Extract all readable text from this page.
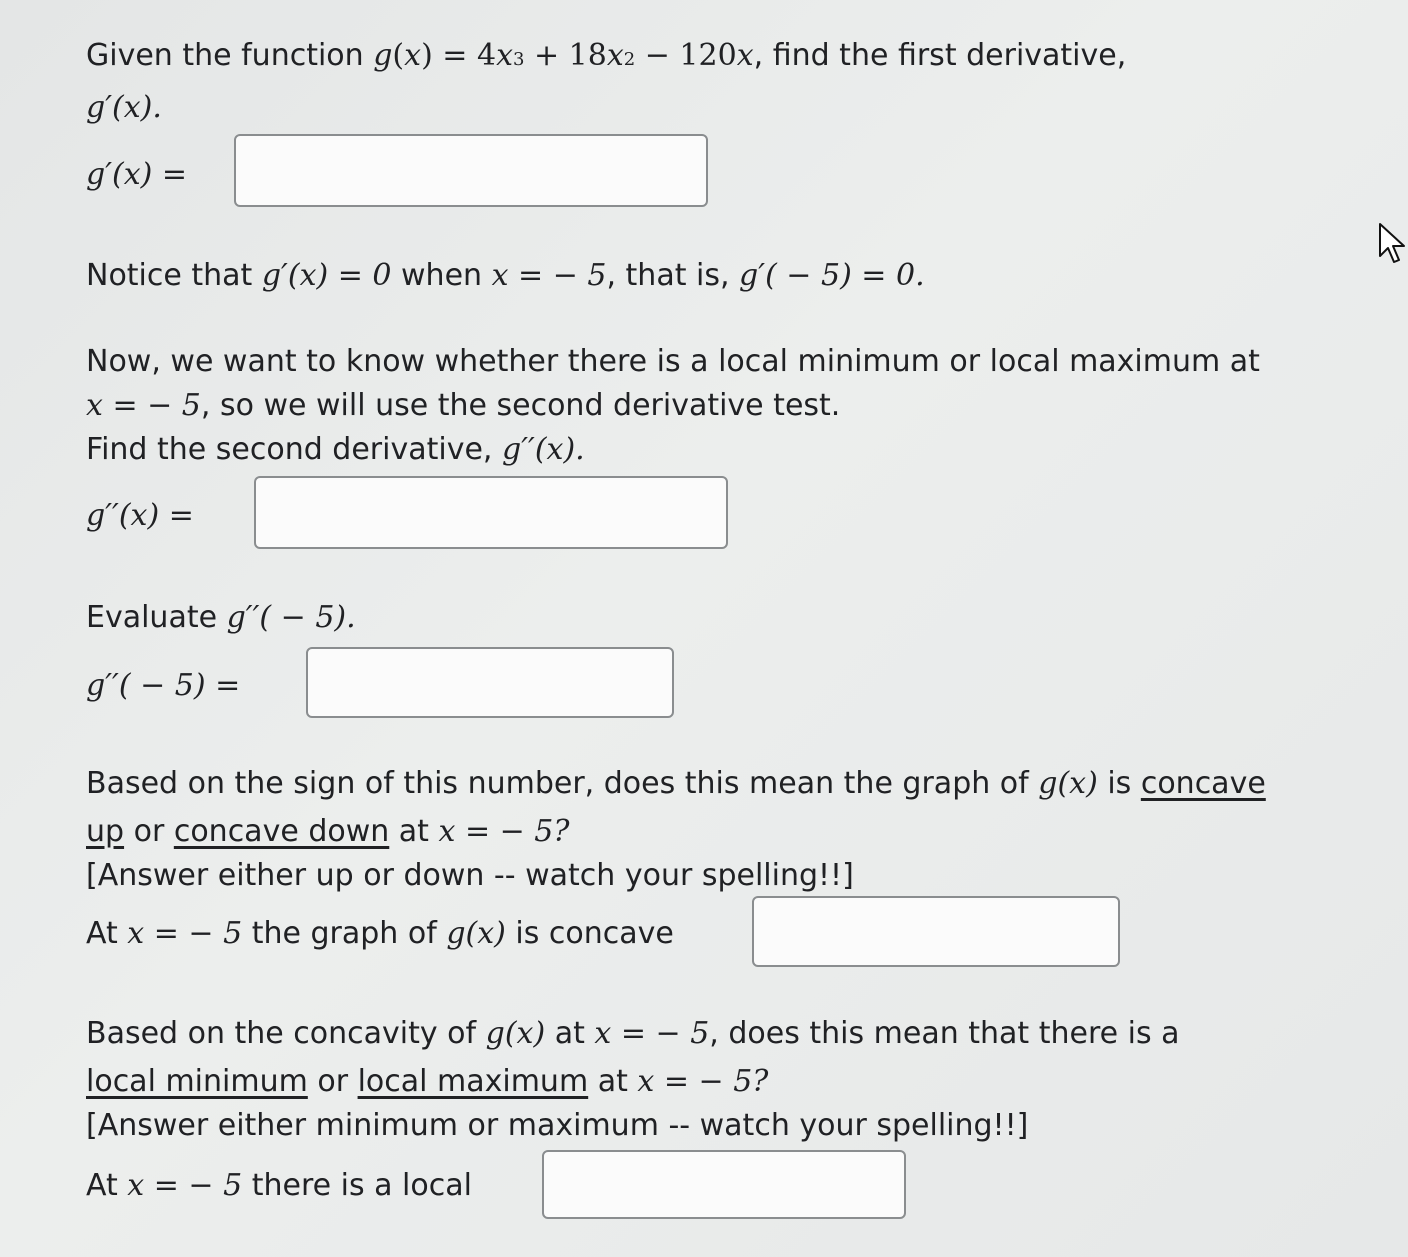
Given the function $g(x) = 4x^3 + 18x^2 - 120x$, find the first derivative,
g′(x).
g′(x) =
Notice that g′(x) = 0 when x = − 5, that is, g′( − 5) = 0.
Now, we want to know whether there is a local minimum or local maximum at
x = − 5, so we will use the second derivative test.
Find the second derivative, g′′(x).
g′′(x) =
Evaluate g′′( − 5).
g′′( − 5) =
Based on the sign of this number, does this mean the graph of g(x) is concave
up or concave down at x = − 5?
[Answer either up or down -- watch your spelling!!]
At x = − 5 the graph of g(x) is concave
Based on the concavity of g(x) at x = − 5, does this mean that there is a
local minimum or local maximum at x = − 5?
[Answer either minimum or maximum -- watch your spelling!!]
At x = − 5 there is a local
